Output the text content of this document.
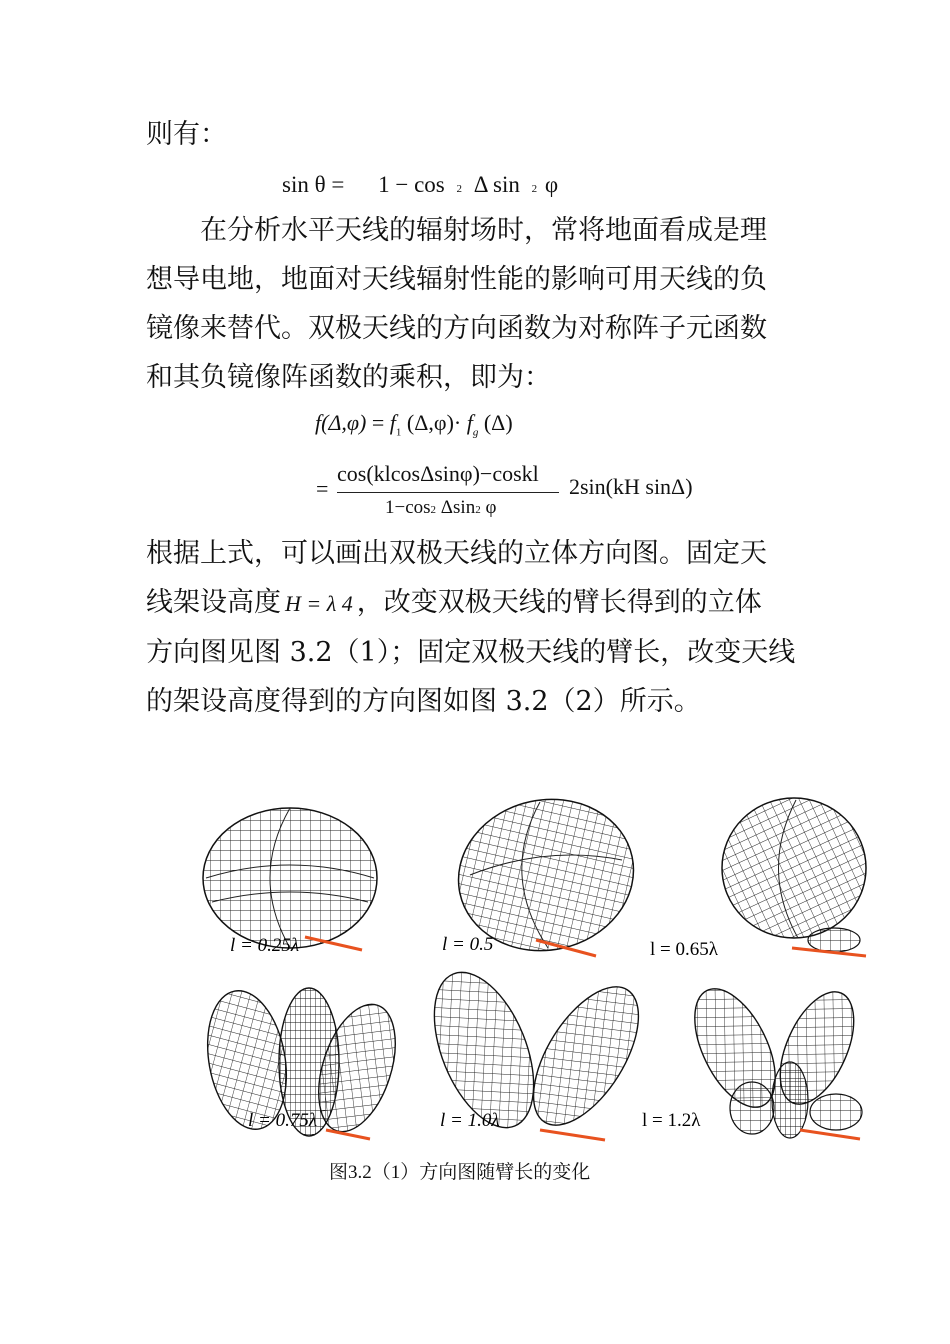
则有：
sin θ = 1 − cos 2 Δ sin 2 φ
在分析水平天线的辐射场时，常将地面看成是理
想导电地，地面对天线辐射性能的影响可用天线的负
镜像来替代。双极天线的方向函数为对称阵子元函数
和其负镜像阵函数的乘积，即为：
$f(\Delta,\varphi) = f_1$ $(\Delta,\varphi)\cdot f_g$ (Δ)
=
cos(klcosΔsinφ)−coskl
1−cos2 Δsin2 φ
2sin(kH sinΔ)
根据上式，可以画出双极天线的立体方向图。固定天
线架设高度 H = λ 4 ，改变双极天线的臂长得到的立体
方向图见图 3.2（1）；固定双极天线的臂长，改变天线
的架设高度得到的方向图如图 3.2（2）所示。
l = 0.25λ	l = 0.5	l = 0.65λ
l = 0.75λ	l = 1.0λ	l = 1.2λ
图3.2（1）方向图随臂长的变化
